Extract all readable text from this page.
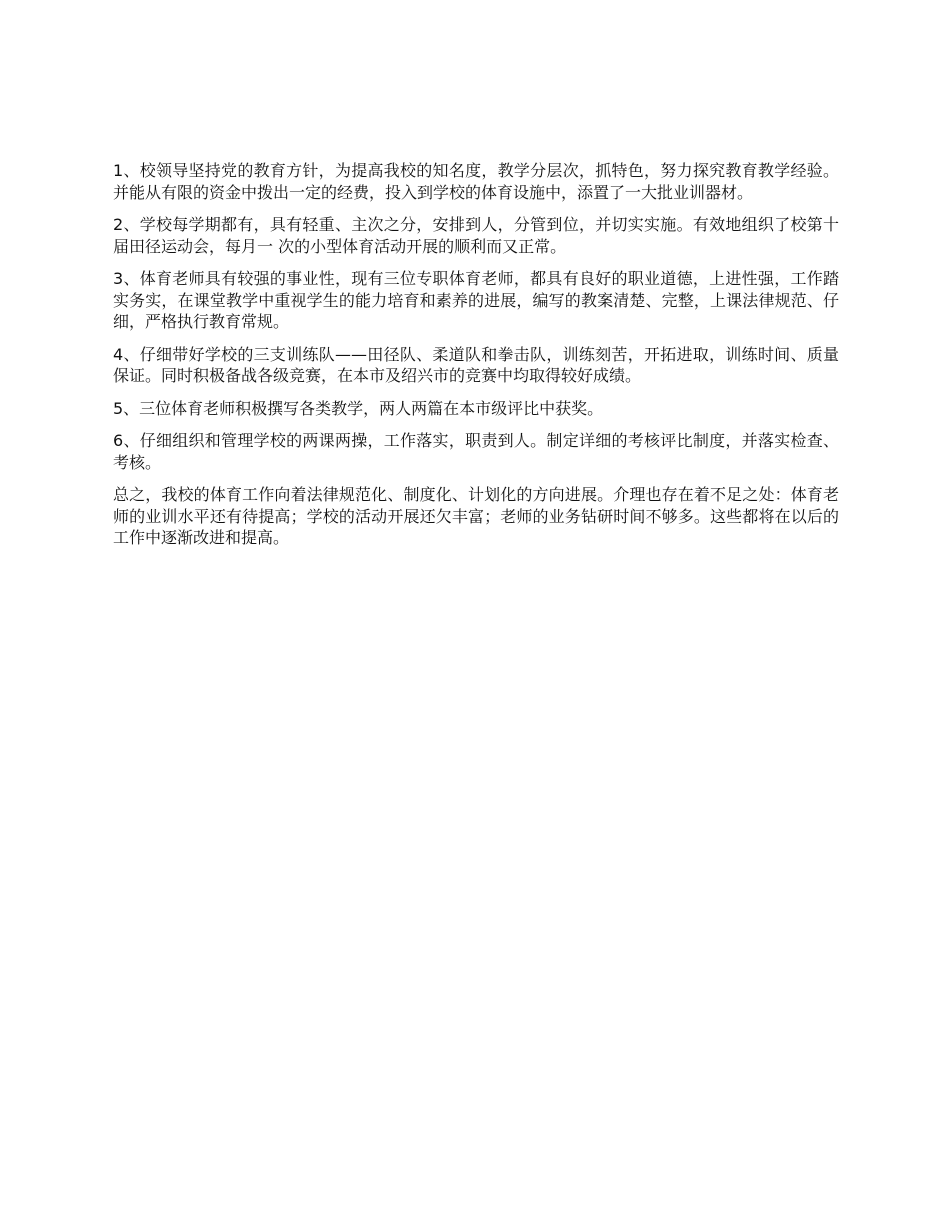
1、校领导坚持党的教育方针，为提高我校的知名度，教学分层次，抓特色，努力探究教育教学经验。并能从有限的资金中拨出一定的经费，投入到学校的体育设施中，添置了一大批业训器材。

2、学校每学期都有，具有轻重、主次之分，安排到人，分管到位，并切实实施。有效地组织了校第十届田径运动会，每月一 次的小型体育活动开展的顺利而又正常。

3、体育老师具有较强的事业性，现有三位专职体育老师，都具有良好的职业道德，上进性强，工作踏实务实，在课堂教学中重视学生的能力培育和素养的进展，编写的教案清楚、完整，上课法律规范、仔细，严格执行教育常规。

4、仔细带好学校的三支训练队——田径队、柔道队和拳击队，训练刻苦，开拓进取，训练时间、质量保证。同时积极备战各级竞赛，在本市及绍兴市的竞赛中均取得较好成绩。

5、三位体育老师积极撰写各类教学，两人两篇在本市级评比中获奖。

6、仔细组织和管理学校的两课两操，工作落实，职责到人。制定详细的考核评比制度，并落实检查、考核。

总之，我校的体育工作向着法律规范化、制度化、计划化的方向进展。介理也存在着不足之处：体育老师的业训水平还有待提高；学校的活动开展还欠丰富；老师的业务钻研时间不够多。这些都将在以后的工作中逐渐改进和提高。
